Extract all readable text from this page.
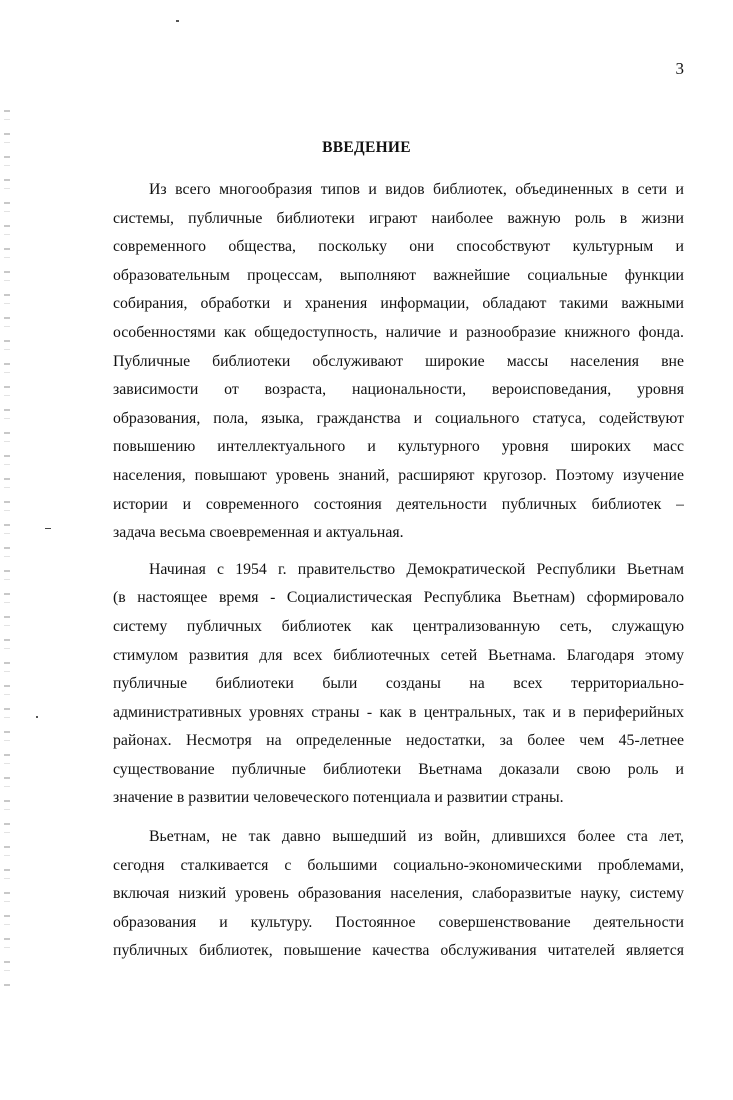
3
ВВЕДЕНИЕ
Из всего многообразия типов и видов библиотек, объединенных в сети и
системы, публичные библиотеки играют наиболее важную роль в жизни
современного общества, поскольку они способствуют культурным и
образовательным процессам, выполняют важнейшие социальные функции
собирания, обработки и хранения информации, обладают такими важными
особенностями как общедоступность, наличие и разнообразие книжного фонда.
Публичные библиотеки обслуживают широкие массы населения вне
зависимости от возраста, национальности, вероисповедания, уровня
образования, пола, языка, гражданства и социального статуса, содействуют
повышению интеллектуального и культурного уровня широких масс
населения, повышают уровень знаний, расширяют кругозор. Поэтому изучение
истории и современного состояния деятельности публичных библиотек –
задача весьма своевременная и актуальная.
Начиная с 1954 г. правительство Демократической Республики Вьетнам
(в настоящее время - Социалистическая Республика Вьетнам) сформировало
систему публичных библиотек как централизованную сеть, служащую
стимулом развития для всех библиотечных сетей Вьетнама. Благодаря этому
публичные библиотеки были созданы на всех территориально-
административных уровнях страны - как в центральных, так и в периферийных
районах. Несмотря на определенные недостатки, за более чем 45-летнее
существование публичные библиотеки Вьетнама доказали свою роль и
значение в развитии человеческого потенциала и развитии страны.
Вьетнам, не так давно вышедший из войн, длившихся более ста лет,
сегодня сталкивается с большими социально-экономическими проблемами,
включая низкий уровень образования населения, слаборазвитые науку, систему
образования и культуру. Постоянное совершенствование деятельности
публичных библиотек, повышение качества обслуживания читателей является
